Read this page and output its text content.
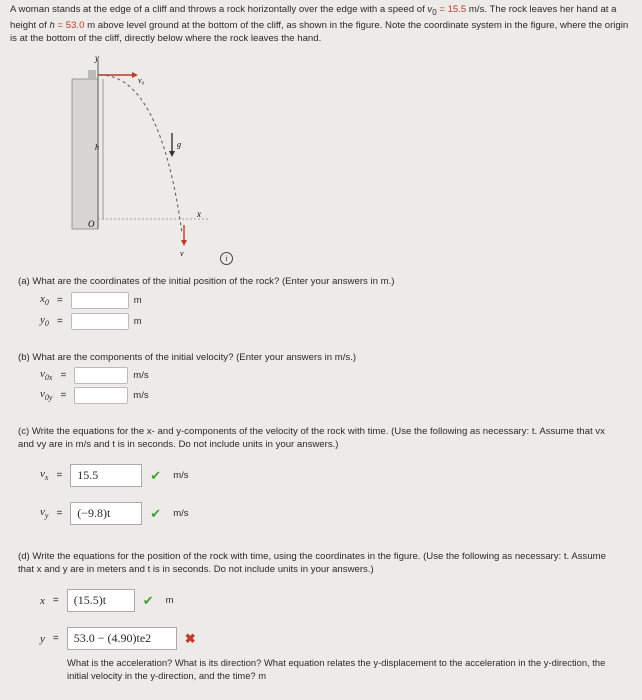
A woman stands at the edge of a cliff and throws a rock horizontally over the edge with a speed of $v_0 = 15.5$ m/s. The rock leaves her hand at a height of h = 53.0 m above level ground at the bottom of the cliff, as shown in the figure. Note the coordinate system in the figure, where the origin is at the bottom of the cliff, directly below where the rock leaves the hand.
y
x
O
h
v₀
g
v
i
(a) What are the coordinates of the initial position of the rock? (Enter your answers in m.)
$x_0$ =	m
$y_0$ =	m
(b) What are the components of the initial velocity? (Enter your answers in m/s.)
$v_{0x}$ =	m/s
$v_{0y}$ =	m/s
(c) Write the equations for the x- and y-components of the velocity of the rock with time. (Use the following as necessary: t. Assume that vx and vy are in m/s and t is in seconds. Do not include units in your answers.)
$v_x$ =	15.5	✔ m/s
$v_y$ =	(−9.8)t	✔ m/s
(d) Write the equations for the position of the rock with time, using the coordinates in the figure. (Use the following as necessary: t. Assume that x and y are in meters and t is in seconds. Do not include units in your answers.)
x =	(15.5)t	✔ m
y =	53.0 − (4.90)te2	✖
What is the acceleration? What is its direction? What equation relates the y-displacement to the acceleration in the y-direction, the initial velocity in the y-direction, and the time? m
